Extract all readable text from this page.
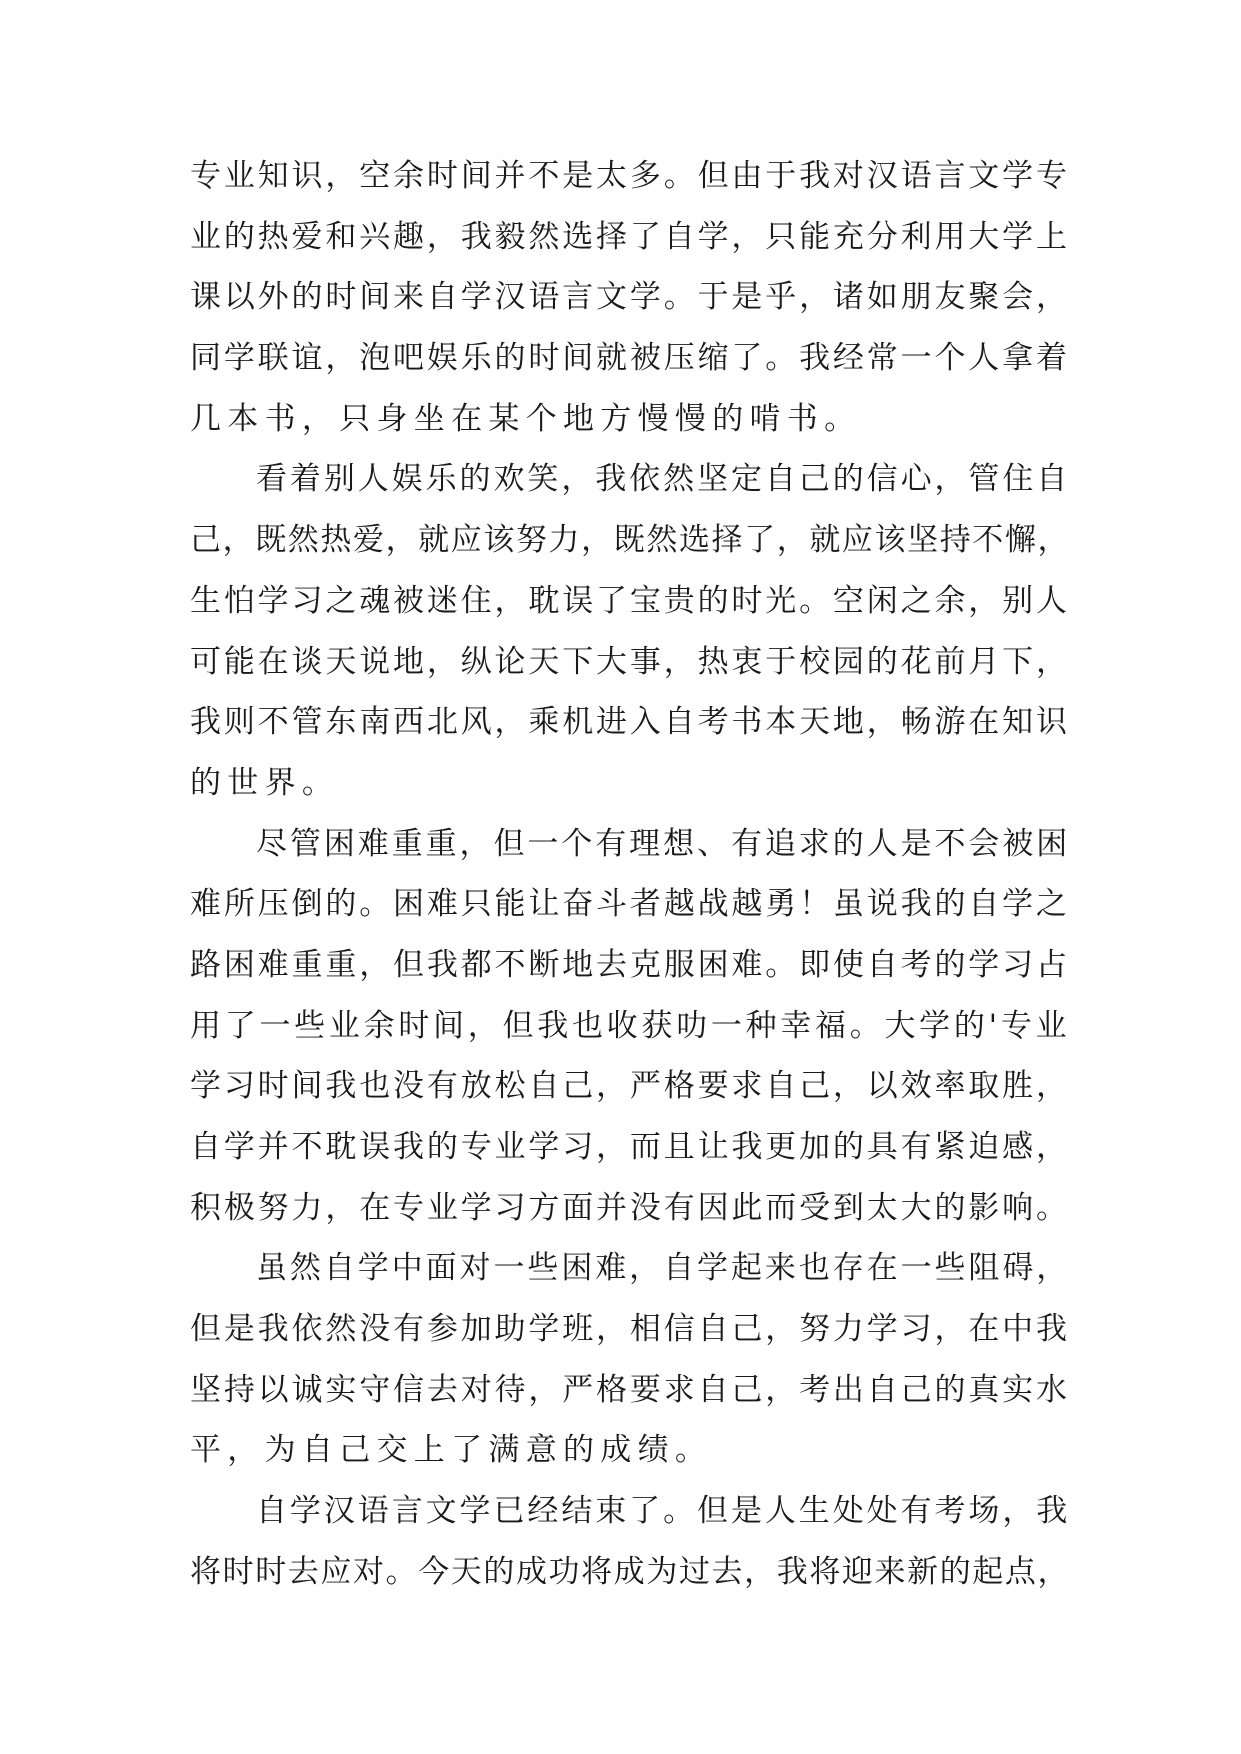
专业知识，空余时间并不是太多。但由于我对汉语言文学专
业的热爱和兴趣，我毅然选择了自学，只能充分利用大学上
课以外的时间来自学汉语言文学。于是乎，诸如朋友聚会，
同学联谊，泡吧娱乐的时间就被压缩了。我经常一个人拿着
几本书，只身坐在某个地方慢慢的啃书。
看着别人娱乐的欢笑，我依然坚定自己的信心，管住自
己，既然热爱，就应该努力，既然选择了，就应该坚持不懈，
生怕学习之魂被迷住，耽误了宝贵的时光。空闲之余，别人
可能在谈天说地，纵论天下大事，热衷于校园的花前月下，
我则不管东南西北风，乘机进入自考书本天地，畅游在知识
的世界。
尽管困难重重，但一个有理想、有追求的人是不会被困
难所压倒的。困难只能让奋斗者越战越勇！虽说我的自学之
路困难重重，但我都不断地去克服困难。即使自考的学习占
用了一些业余时间，但我也收获叻一种幸福。大学的'专业
学习时间我也没有放松自己，严格要求自己，以效率取胜，
自学并不耽误我的专业学习，而且让我更加的具有紧迫感，
积极努力，在专业学习方面并没有因此而受到太大的影响。
虽然自学中面对一些困难，自学起来也存在一些阻碍，
但是我依然没有参加助学班，相信自己，努力学习，在中我
坚持以诚实守信去对待，严格要求自己，考出自己的真实水
平，为自己交上了满意的成绩。
自学汉语言文学已经结束了。但是人生处处有考场，我
将时时去应对。今天的成功将成为过去，我将迎来新的起点，
